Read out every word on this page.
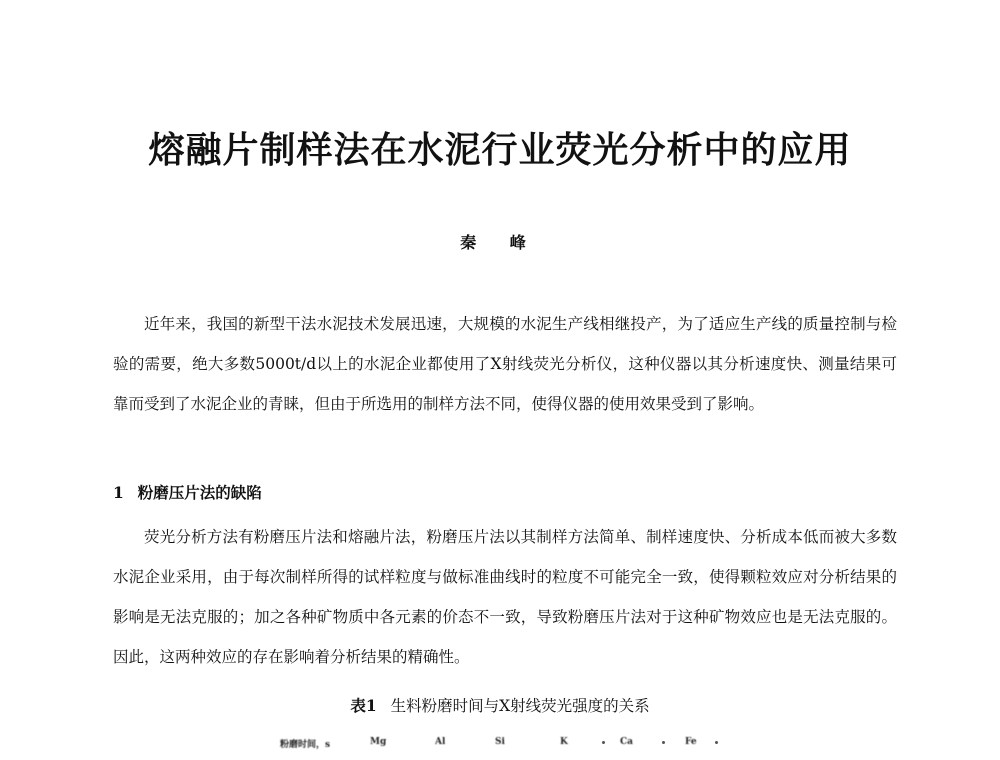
熔融片制样法在水泥行业荧光分析中的应用
秦 峰
近年来，我国的新型干法水泥技术发展迅速，大规模的水泥生产线相继投产，为了适应生产线的质量控制与检验的需要，绝大多数5000t/d以上的水泥企业都使用了X射线荧光分析仪，这种仪器以其分析速度快、测量结果可靠而受到了水泥企业的青睐，但由于所选用的制样方法不同，使得仪器的使用效果受到了影响。
1 粉磨压片法的缺陷
荧光分析方法有粉磨压片法和熔融片法，粉磨压片法以其制样方法简单、制样速度快、分析成本低而被大多数水泥企业采用，由于每次制样所得的试样粒度与做标准曲线时的粒度不可能完全一致，使得颗粒效应对分析结果的影响是无法克服的；加之各种矿物质中各元素的价态不一致，导致粉磨压片法对于这种矿物效应也是无法克服的。因此，这两种效应的存在影响着分析结果的精确性。
表1 生料粉磨时间与X射线荧光强度的关系
粉磨时间，s	Mg	Al	Si	K	Ca	Fe
